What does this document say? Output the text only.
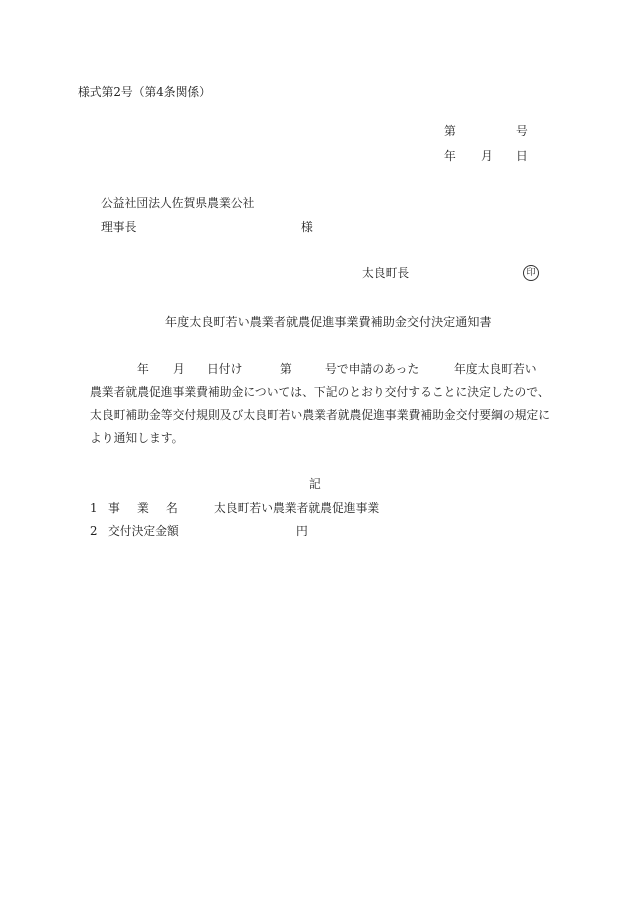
様式第2号（第4条関係）
第	号
年 月 日
公益社団法人佐賀県農業公社
理事長	様
太良町長	印
年度太良町若い農業者就農促進事業費補助金交付決定通知書
年 月 日付け	第	号で申請のあった	年度太良町若い
農業者就農促進事業費補助金については、下記のとおり交付することに決定したので、
太良町補助金等交付規則及び太良町若い農業者就農促進事業費補助金交付要綱の規定に
より通知します。
記
1 事 業 名	太良町若い農業者就農促進事業
2 交付決定金額	円
